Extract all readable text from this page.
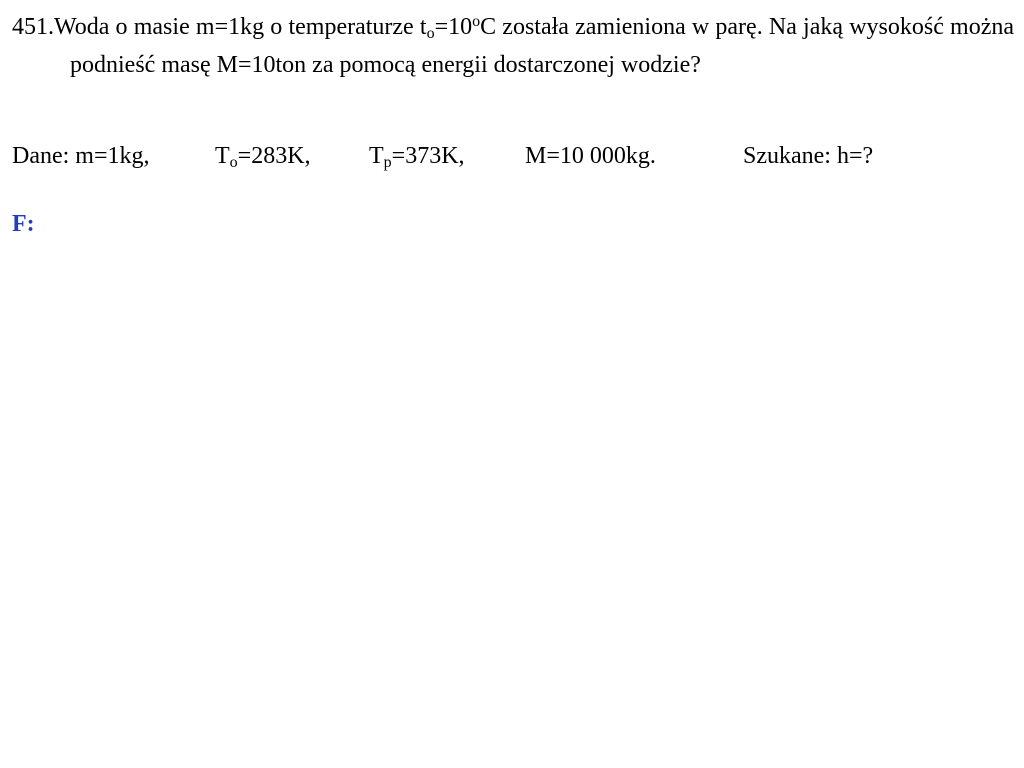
451.Woda o masie m=1kg o temperaturze $t_o=10^oC$ została zamieniona w parę. Na jaką wysokość można podnieść masę M=10ton za pomocą energii dostarczonej wodzie?

Dane: m=1kg,	$T_o=283K$, $T_p=373K$,	M=10 000kg.	Szukane: h=?
F:
